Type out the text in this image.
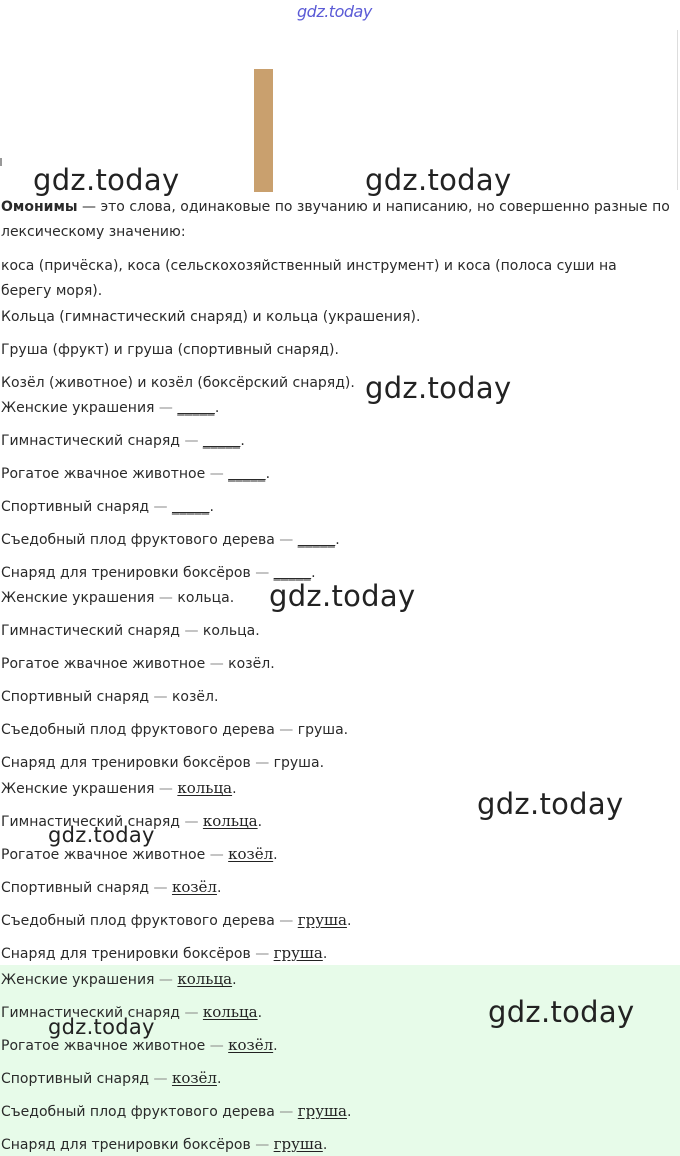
gdz.today
Омонимы — это слова, одинаковые по звучанию и написанию, но совершенно разные по лексическому значению:
коса (причёска), коса (сельскохозяйственный инструмент) и коса (полоса суши на берегу моря).
Кольца (гимнастический снаряд) и кольца (украшения).
Груша (фрукт) и груша (спортивный снаряд).
Козёл (животное) и козёл (боксёрский снаряд).
Женские украшения — _____.
Гимнастический снаряд — _____.
Рогатое жвачное животное — _____.
Спортивный снаряд — _____.
Съедобный плод фруктового дерева — _____.
Снаряд для тренировки боксёров — _____.
Женские украшения — кольца.
Гимнастический снаряд — кольца.
Рогатое жвачное животное — козёл.
Спортивный снаряд — козёл.
Съедобный плод фруктового дерева — груша.
Снаряд для тренировки боксёров — груша.
Женские украшения — кольца.
Гимнастический снаряд — кольца.
Рогатое жвачное животное — козёл.
Спортивный снаряд — козёл.
Съедобный плод фруктового дерева — груша.
Снаряд для тренировки боксёров — груша.
Женские украшения — кольца.
Гимнастический снаряд — кольца.
Рогатое жвачное животное — козёл.
Спортивный снаряд — козёл.
Съедобный плод фруктового дерева — груша.
Снаряд для тренировки боксёров — груша.
gdz.today	gdz.today
gdz.today
gdz.today
gdz.today
gdz.today
gdz.today
gdz.today
